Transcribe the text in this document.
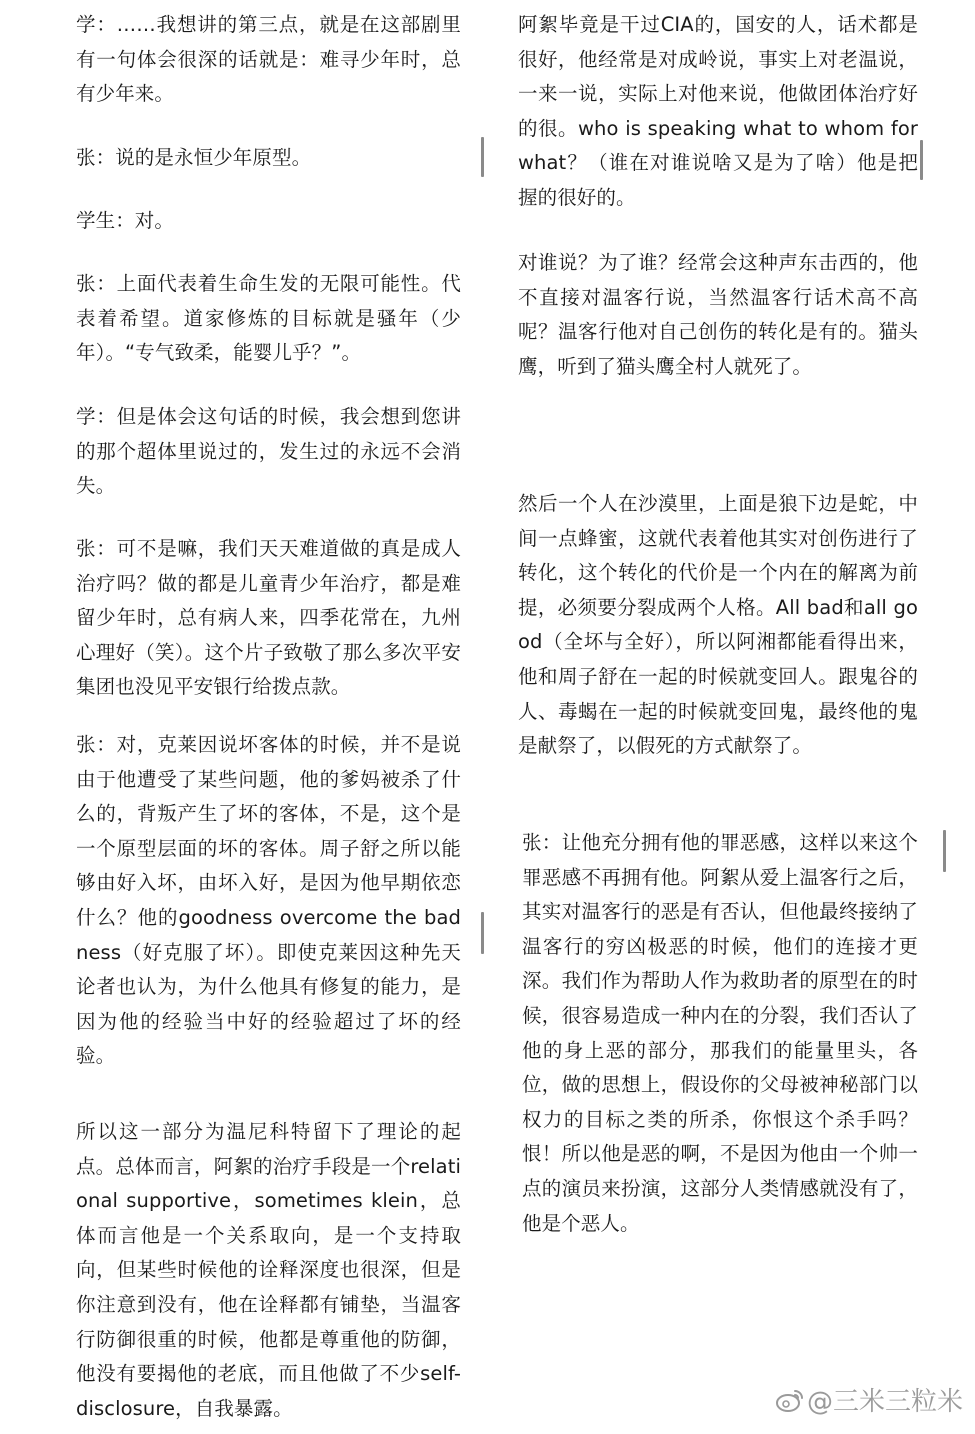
学：……我想讲的第三点，就是在这部剧里有一句体会很深的话就是：难寻少年时，总有少年来。

张：说的是永恒少年原型。

学生：对。

张：上面代表着生命生发的无限可能性。代表着希望。道家修炼的目标就是骚年（少年）。“专气致柔，能婴儿乎？”。

学：但是体会这句话的时候，我会想到您讲的那个超体里说过的，发生过的永远不会消失。

张：可不是嘛，我们天天难道做的真是成人治疗吗？做的都是儿童青少年治疗，都是难留少年时，总有病人来，四季花常在，九州心理好（笑）。这个片子致敬了那么多次平安集团也没见平安银行给拨点款。

张：对，克莱因说坏客体的时候，并不是说由于他遭受了某些问题，他的爹妈被杀了什么的，背叛产生了坏的客体，不是，这个是一个原型层面的坏的客体。周子舒之所以能够由好入坏，由坏入好，是因为他早期依恋什么？他的goodness overcome the badness（好克服了坏）。即使克莱因这种先天论者也认为，为什么他具有修复的能力，是因为他的经验当中好的经验超过了坏的经验。

所以这一部分为温尼科特留下了理论的起点。总体而言，阿絮的治疗手段是一个relational supportive，sometimes klein，总体而言他是一个关系取向，是一个支持取向，但某些时候他的诠释深度也很深，但是你注意到没有，他在诠释都有铺垫，当温客行防御很重的时候，他都是尊重他的防御，他没有要揭他的老底，而且他做了不少self-disclosure，自我暴露。

阿絮毕竟是干过CIA的，国安的人，话术都是很好，他经常是对成岭说，事实上对老温说，一来一说，实际上对他来说，他做团体治疗好的很。who is speaking what to whom for what？（谁在对谁说啥又是为了啥）他是把握的很好的。

对谁说？为了谁？经常会这种声东击西的，他不直接对温客行说，当然温客行话术高不高呢？温客行他对自己创伤的转化是有的。猫头鹰，听到了猫头鹰全村人就死了。

然后一个人在沙漠里，上面是狼下边是蛇，中间一点蜂蜜，这就代表着他其实对创伤进行了转化，这个转化的代价是一个内在的解离为前提，必须要分裂成两个人格。All bad和all good（全坏与全好），所以阿湘都能看得出来，他和周子舒在一起的时候就变回人。跟鬼谷的人、毒蝎在一起的时候就变回鬼，最终他的鬼是献祭了，以假死的方式献祭了。

张：让他充分拥有他的罪恶感，这样以来这个罪恶感不再拥有他。阿絮从爱上温客行之后，其实对温客行的恶是有否认，但他最终接纳了温客行的穷凶极恶的时候，他们的连接才更深。我们作为帮助人作为救助者的原型在的时候，很容易造成一种内在的分裂，我们否认了他的身上恶的部分，那我们的能量里头，各位，做的思想上，假设你的父母被神秘部门以权力的目标之类的所杀，你恨这个杀手吗？恨！所以他是恶的啊，不是因为他由一个帅一点的演员来扮演，这部分人类情感就没有了，他是个恶人。

@三米三粒米
